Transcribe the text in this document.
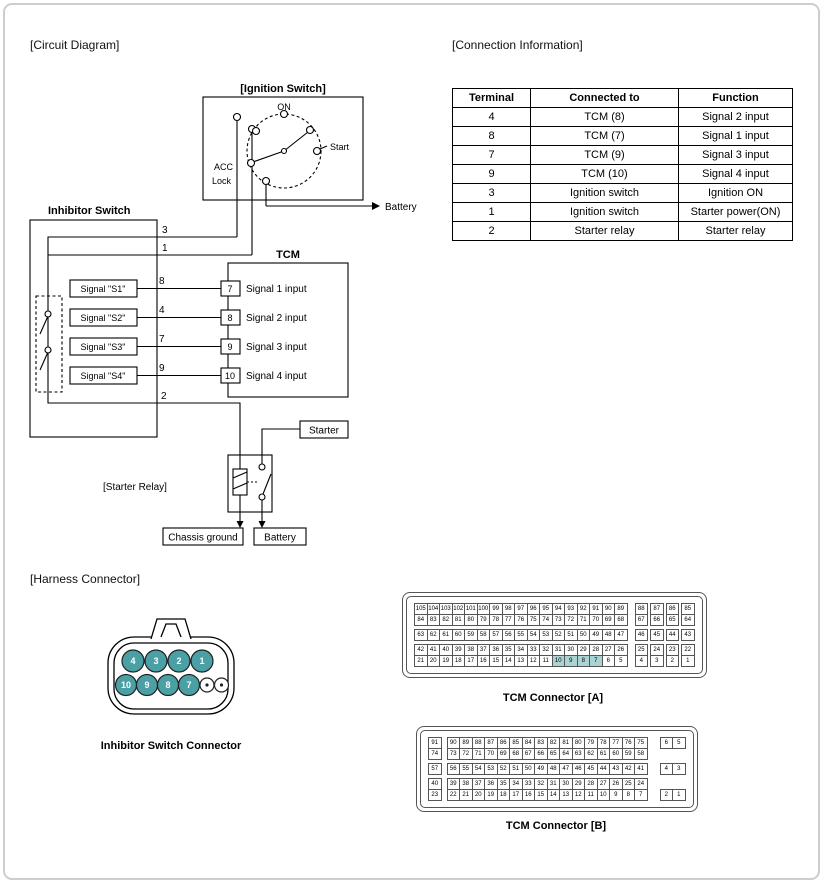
[Circuit Diagram]	[Connection Information]
[Harness Connector]
Terminal	Connected to	Function
4	TCM (8)	Signal 2 input
8	TCM (7)	Signal 1 input
7	TCM (9)	Signal 3 input
9	TCM (10)	Signal 4 input
3	Ignition switch	Ignition ON
1	Ignition switch	Starter power(ON)
2	Starter relay	Starter relay
4 3 2 1
10 9 8 7
[Ignition Switch]
ON
Start
ACC
Lock
Battery
Inhibitor Switch
3
1
8
4
7
9
2
Signal "S1"
Signal "S2"
Signal "S3"
Signal "S4"
TCM
7
8
9
10
Signal 1 input
Signal 2 input
Signal 3 input
Signal 4 input
[Starter Relay]
Starter
Chassis ground	Battery
Inhibitor Switch Connector
105 104 103 102 101 100 99 98 97 96 95 94 93 92 91 90 89	88	87	86	85
84 83 82 81 80 79 78 77 76 75 74 73 72 71 70 69 68	67	66	65	64
63 62 61 60 59 58 57 56 55 54 53 52 51 50 49 48 47	46	45	44	43
42 41 40 39 38 37 36 35 34 33 32 31 30 29 28 27 26	25	24	23	22
21 20 19 18 17 16 15 14 13 12	11	10	9	8	7	6	5	4	3	2	1
TCM Connector [A]
91	90 89 88 87 86 85 84 83 82 81 80 79 78 77 76 75	6	5
74	73 72 71 70 69 68 67 66 65 64 63 62 61 60 59 58
57	56 55 54 53 52 51 50 49 48 47 46 45 44 43 42 41	4	3
40	39 38 37 36 35 34 33 32 31 30 29 28 27 26 25 24
23	22 21 20 19 18 17 16 15 14 13 12	11	10	9	8	7	2	1
TCM Connector [B]
